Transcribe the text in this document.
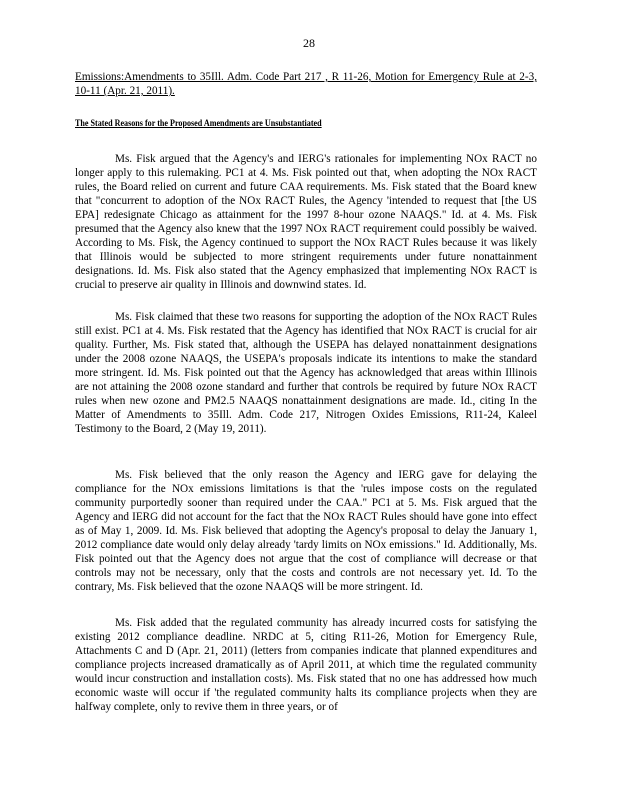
28
Emissions:Amendments to 35Ill. Adm. Code Part 217 , R 11-26, Motion for Emergency Rule at 2-3, 10-11 (Apr. 21, 2011).
The Stated Reasons for the Proposed Amendments are Unsubstantiated
Ms. Fisk argued that the Agency's and IERG's rationales for implementing NOx RACT no longer apply to this rulemaking. PC1 at 4. Ms. Fisk pointed out that, when adopting the NOx RACT rules, the Board relied on current and future CAA requirements. Ms. Fisk stated that the Board knew that "concurrent to adoption of the NOx RACT Rules, the Agency 'intended to request that [the US EPA] redesignate Chicago as attainment for the 1997 8-hour ozone NAAQS." Id. at 4. Ms. Fisk presumed that the Agency also knew that the 1997 NOx RACT requirement could possibly be waived. According to Ms. Fisk, the Agency continued to support the NOx RACT Rules because it was likely that Illinois would be subjected to more stringent requirements under future nonattainment designations. Id. Ms. Fisk also stated that the Agency emphasized that implementing NOx RACT is crucial to preserve air quality in Illinois and downwind states. Id.
Ms. Fisk claimed that these two reasons for supporting the adoption of the NOx RACT Rules still exist. PC1 at 4. Ms. Fisk restated that the Agency has identified that NOx RACT is crucial for air quality. Further, Ms. Fisk stated that, although the USEPA has delayed nonattainment designations under the 2008 ozone NAAQS, the USEPA's proposals indicate its intentions to make the standard more stringent. Id. Ms. Fisk pointed out that the Agency has acknowledged that areas within Illinois are not attaining the 2008 ozone standard and further that controls be required by future NOx RACT rules when new ozone and PM2.5 NAAQS nonattainment designations are made. Id., citing In the Matter of Amendments to 35Ill. Adm. Code 217, Nitrogen Oxides Emissions, R11-24, Kaleel Testimony to the Board, 2 (May 19, 2011).
Ms. Fisk believed that the only reason the Agency and IERG gave for delaying the compliance for the NOx emissions limitations is that the 'rules impose costs on the regulated community purportedly sooner than required under the CAA." PC1 at 5. Ms. Fisk argued that the Agency and IERG did not account for the fact that the NOx RACT Rules should have gone into effect as of May 1, 2009. Id. Ms. Fisk believed that adopting the Agency's proposal to delay the January 1, 2012 compliance date would only delay already 'tardy limits on NOx emissions." Id. Additionally, Ms. Fisk pointed out that the Agency does not argue that the cost of compliance will decrease or that controls may not be necessary, only that the costs and controls are not necessary yet. Id. To the contrary, Ms. Fisk believed that the ozone NAAQS will be more stringent. Id.
Ms. Fisk added that the regulated community has already incurred costs for satisfying the existing 2012 compliance deadline. NRDC at 5, citing R11-26, Motion for Emergency Rule, Attachments C and D (Apr. 21, 2011) (letters from companies indicate that planned expenditures and compliance projects increased dramatically as of April 2011, at which time the regulated community would incur construction and installation costs). Ms. Fisk stated that no one has addressed how much economic waste will occur if 'the regulated community halts its compliance projects when they are halfway complete, only to revive them in three years, or of
